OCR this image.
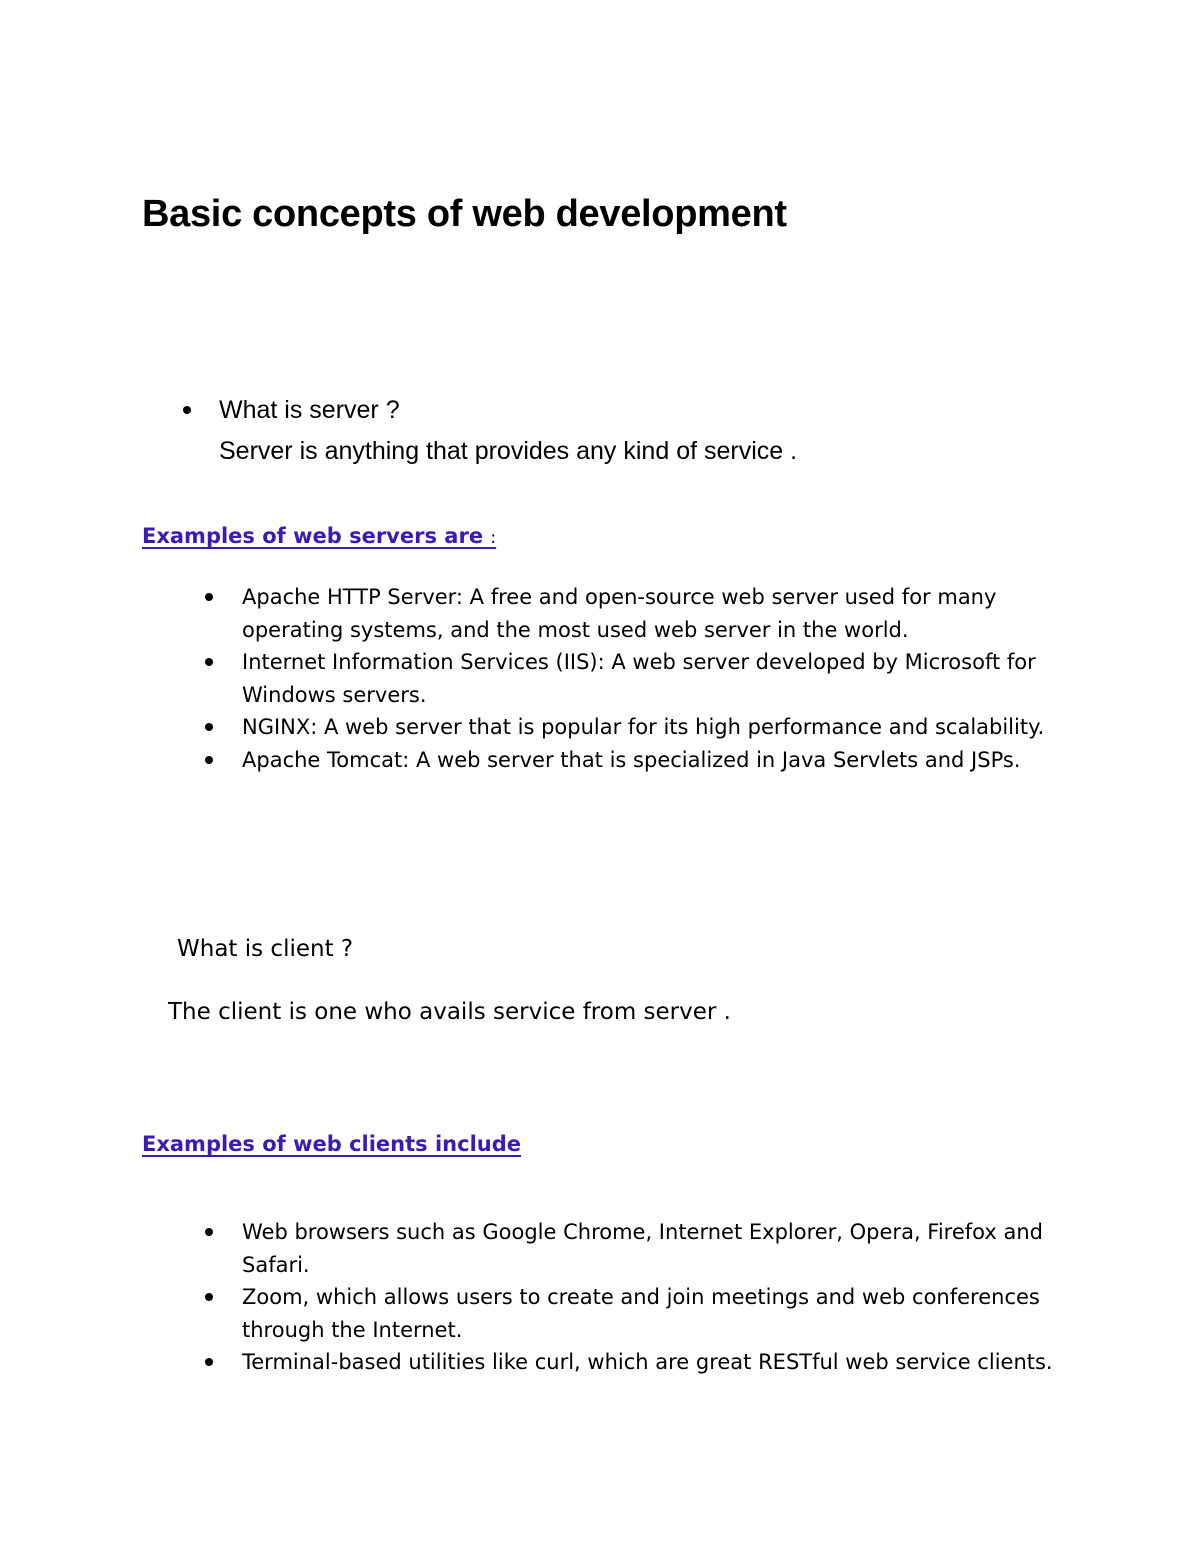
Basic concepts of web development
What is server ?
Server is anything that provides any kind of service .
Examples of web servers are :
Apache HTTP Server: A free and open-source web server used for many operating systems, and the most used web server in the world.
Internet Information Services (IIS): A web server developed by Microsoft for Windows servers.
NGINX: A web server that is popular for its high performance and scalability.
Apache Tomcat: A web server that is specialized in Java Servlets and JSPs.
What is client ?
The client is one who avails service from server .
Examples of web clients include
Web browsers such as Google Chrome, Internet Explorer, Opera, Firefox and Safari.
Zoom, which allows users to create and join meetings and web conferences through the Internet.
Terminal-based utilities like curl, which are great RESTful web service clients.
